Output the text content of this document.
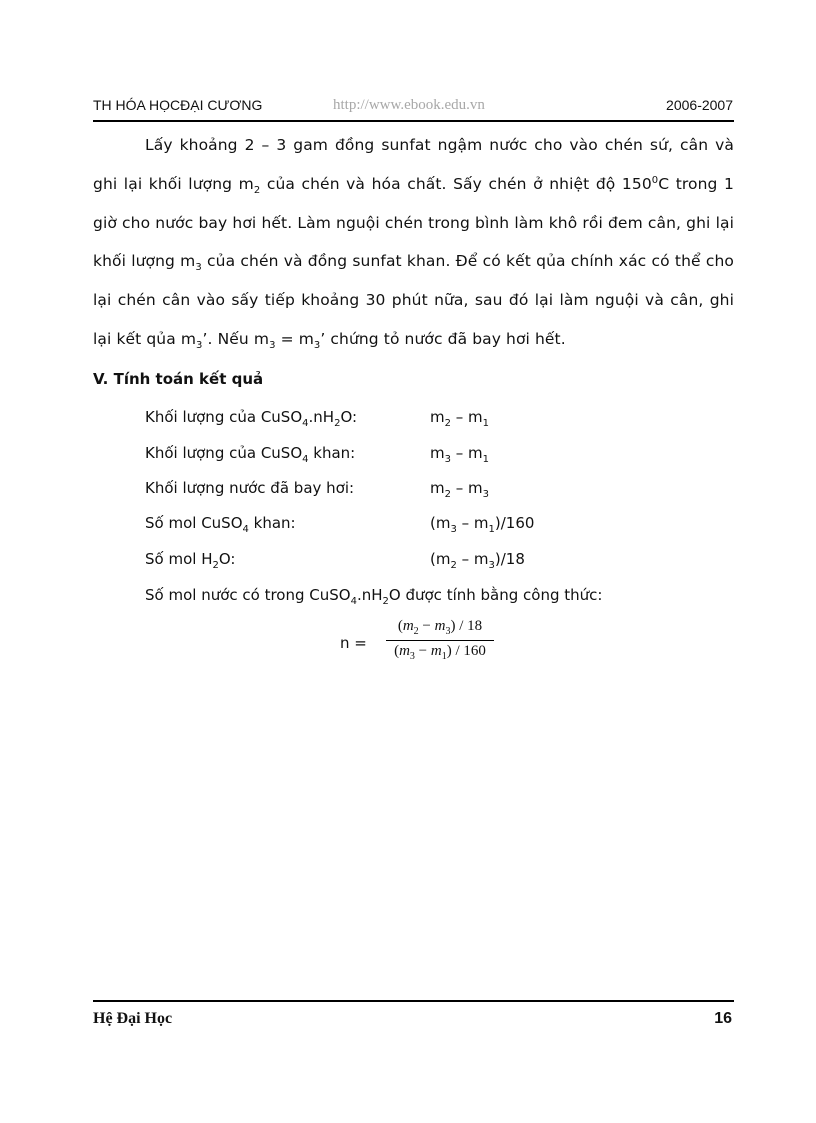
TH HÓA HỌCĐẠI CƯƠNG	http://www.ebook.edu.vn	2006-2007
Lấy khoảng 2 – 3 gam đồng sunfat ngậm nước cho vào chén sứ, cân và ghi lại khối lượng $m_2$ của chén và hóa chất. Sấy chén ở nhiệt độ $150^0C$ trong 1 giờ cho nước bay hơi hết. Làm nguội chén trong bình làm khô rồi đem cân, ghi lại khối lượng $m_3$ của chén và đồng sunfat khan. Để có kết qủa chính xác có thể cho lại chén cân vào sấy tiếp khoảng 30 phút nữa, sau đó lại làm nguội và cân, ghi lại kết qủa $m_3$’. Nếu $m_3 = m_3$’ chứng tỏ nước đã bay hơi hết.
V. Tính toán kết quả
Khối lượng của $CuSO_4.nH_2O$:	$m_2 - m_1$
Khối lượng của CuSO$_4$ khan:	$m_3 - m_1$
Khối lượng nước đã bay hơi:	$m_2 - m_3$
Số mol CuSO$_4$ khan:	$(m_3 - m_1)/160$
Số mol $H_2O$:	$(m_2 - m_3)/18$
Số mol nước có trong $CuSO_4.nH_2O$ được tính bằng công thức:
n =
$(m_2 - m_3) / 18$
$(m_3 - m_1) / 160$
Hệ Đại Học	16
